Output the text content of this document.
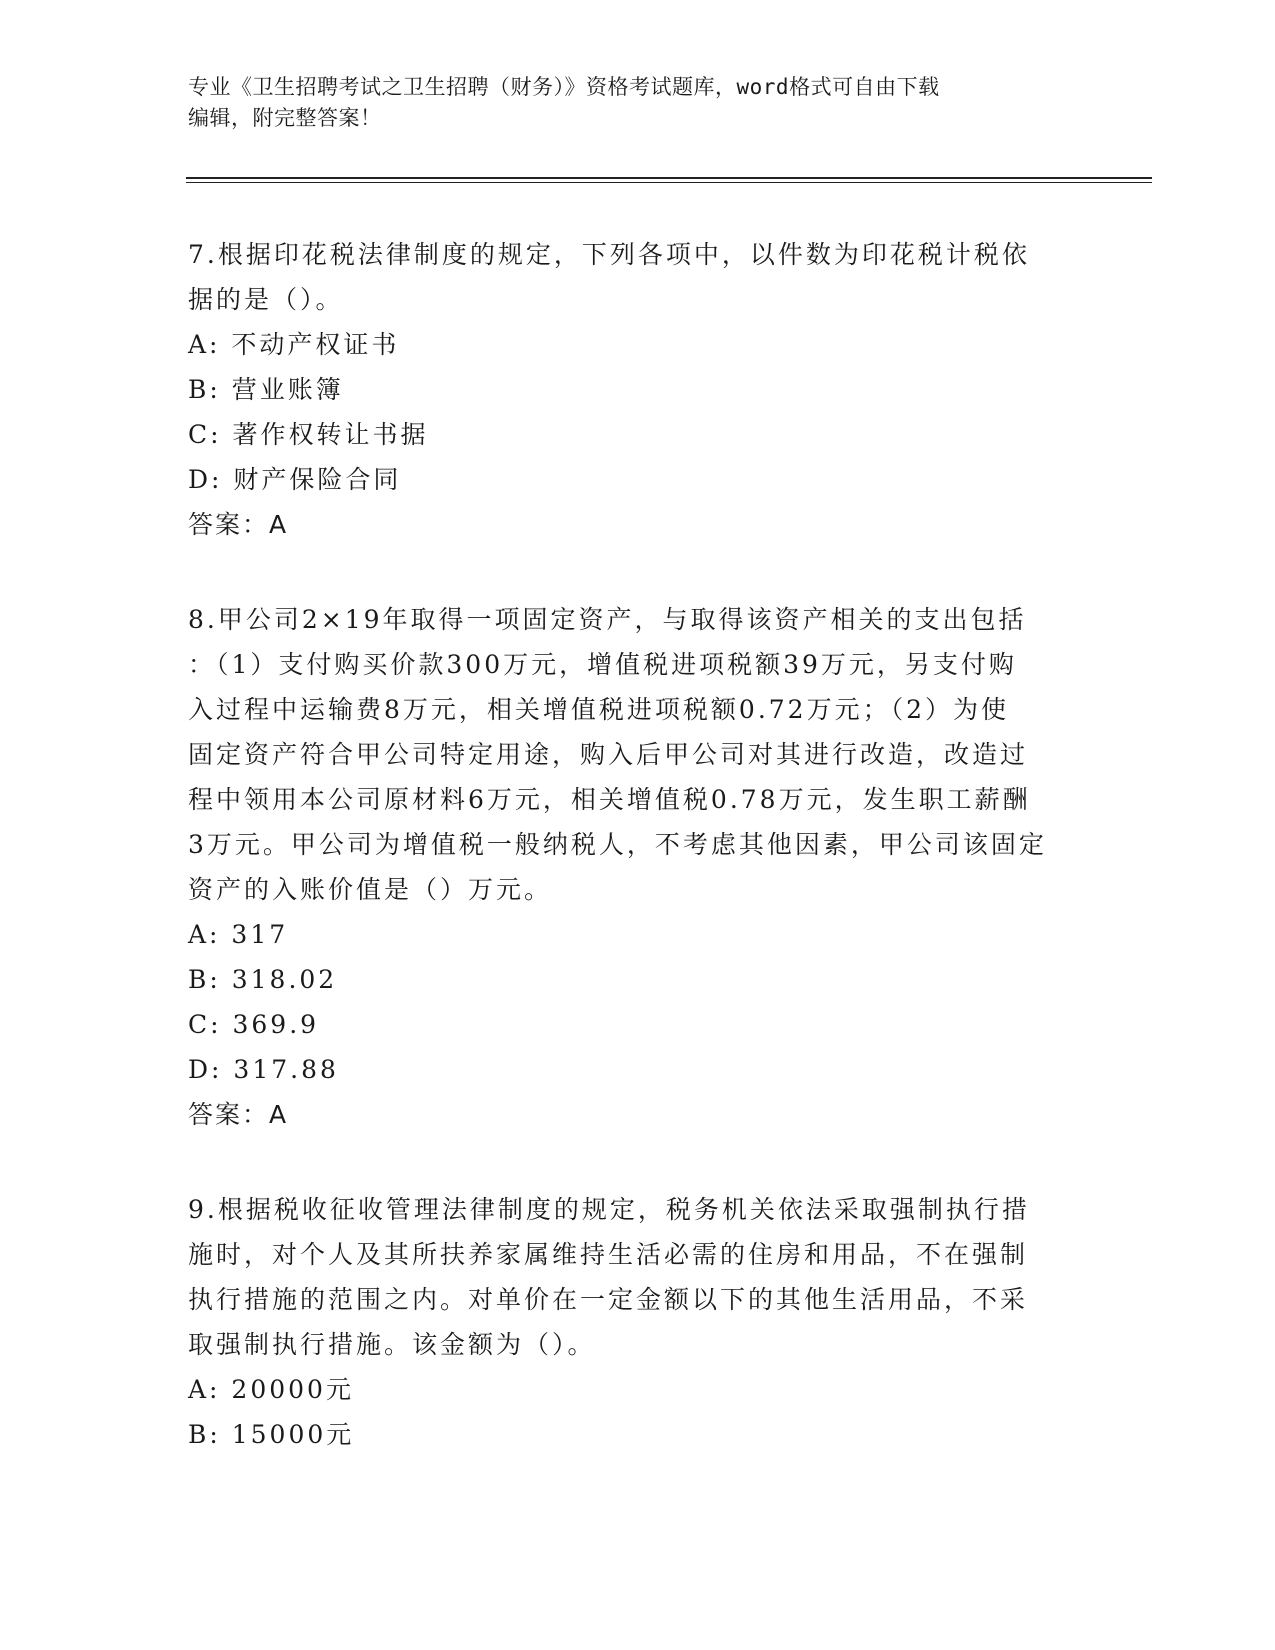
专业《卫生招聘考试之卫生招聘（财务）》资格考试题库，word格式可自由下载
编辑，附完整答案！
7.根据印花税法律制度的规定，下列各项中，以件数为印花税计税依
据的是（）。
A: 不动产权证书
B: 营业账簿
C: 著作权转让书据
D: 财产保险合同
答案：A
8.甲公司2×19年取得一项固定资产，与取得该资产相关的支出包括
：（1）支付购买价款300万元，增值税进项税额39万元，另支付购
入过程中运输费8万元，相关增值税进项税额0.72万元；（2）为使
固定资产符合甲公司特定用途，购入后甲公司对其进行改造，改造过
程中领用本公司原材料6万元，相关增值税0.78万元，发生职工薪酬
3万元。甲公司为增值税一般纳税人，不考虑其他因素，甲公司该固定
资产的入账价值是（）万元。
A: 317
B: 318.02
C: 369.9
D: 317.88
答案：A
9.根据税收征收管理法律制度的规定，税务机关依法采取强制执行措
施时，对个人及其所扶养家属维持生活必需的住房和用品，不在强制
执行措施的范围之内。对单价在一定金额以下的其他生活用品，不采
取强制执行措施。该金额为（）。
A: 20000元
B: 15000元
